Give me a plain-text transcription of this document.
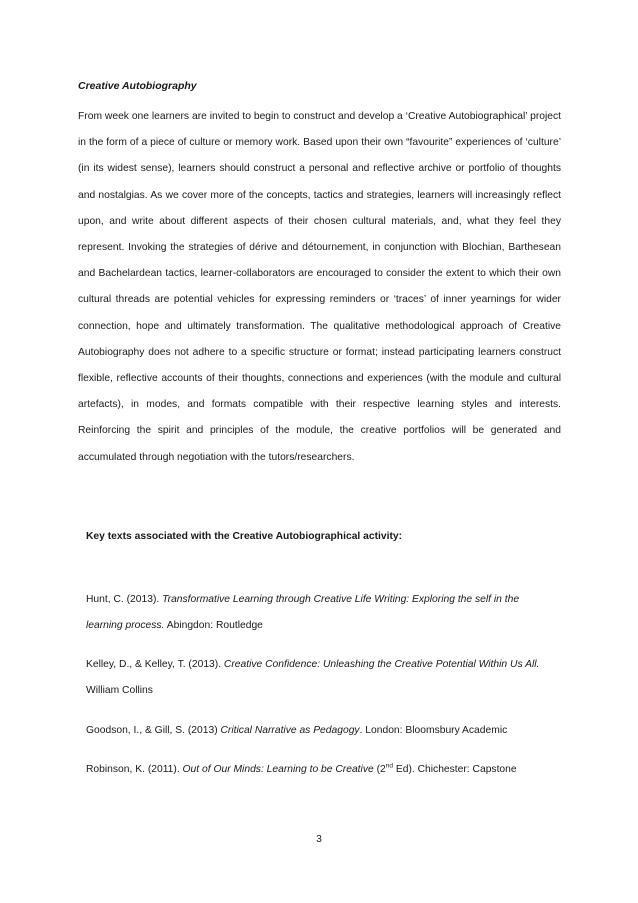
Creative Autobiography

From week one learners are invited to begin to construct and develop a ‘Creative Autobiographical’ project in the form of a piece of culture or memory work. Based upon their own “favourite” experiences of ‘culture’ (in its widest sense), learners should construct a personal and reflective archive or portfolio of thoughts and nostalgias. As we cover more of the concepts, tactics and strategies, learners will increasingly reflect upon, and write about different aspects of their chosen cultural materials, and, what they feel they represent. Invoking the strategies of dérive and détournement, in conjunction with Blochian, Barthesean and Bachelardean tactics, learner-collaborators are encouraged to consider the extent to which their own cultural threads are potential vehicles for expressing reminders or ‘traces’ of inner yearnings for wider connection, hope and ultimately transformation. The qualitative methodological approach of Creative Autobiography does not adhere to a specific structure or format; instead participating learners construct flexible, reflective accounts of their thoughts, connections and experiences (with the module and cultural artefacts), in modes, and formats compatible with their respective learning styles and interests. Reinforcing the spirit and principles of the module, the creative portfolios will be generated and accumulated through negotiation with the tutors/researchers.

Key texts associated with the Creative Autobiographical activity:

Hunt, C. (2013). Transformative Learning through Creative Life Writing: Exploring the self in the learning process. Abingdon: Routledge

Kelley, D., & Kelley, T. (2013). Creative Confidence: Unleashing the Creative Potential Within Us All. William Collins

Goodson, I., & Gill, S. (2013) Critical Narrative as Pedagogy. London: Bloomsbury Academic

Robinson, K. (2011). Out of Our Minds: Learning to be Creative (2nd Ed). Chichester: Capstone

3
